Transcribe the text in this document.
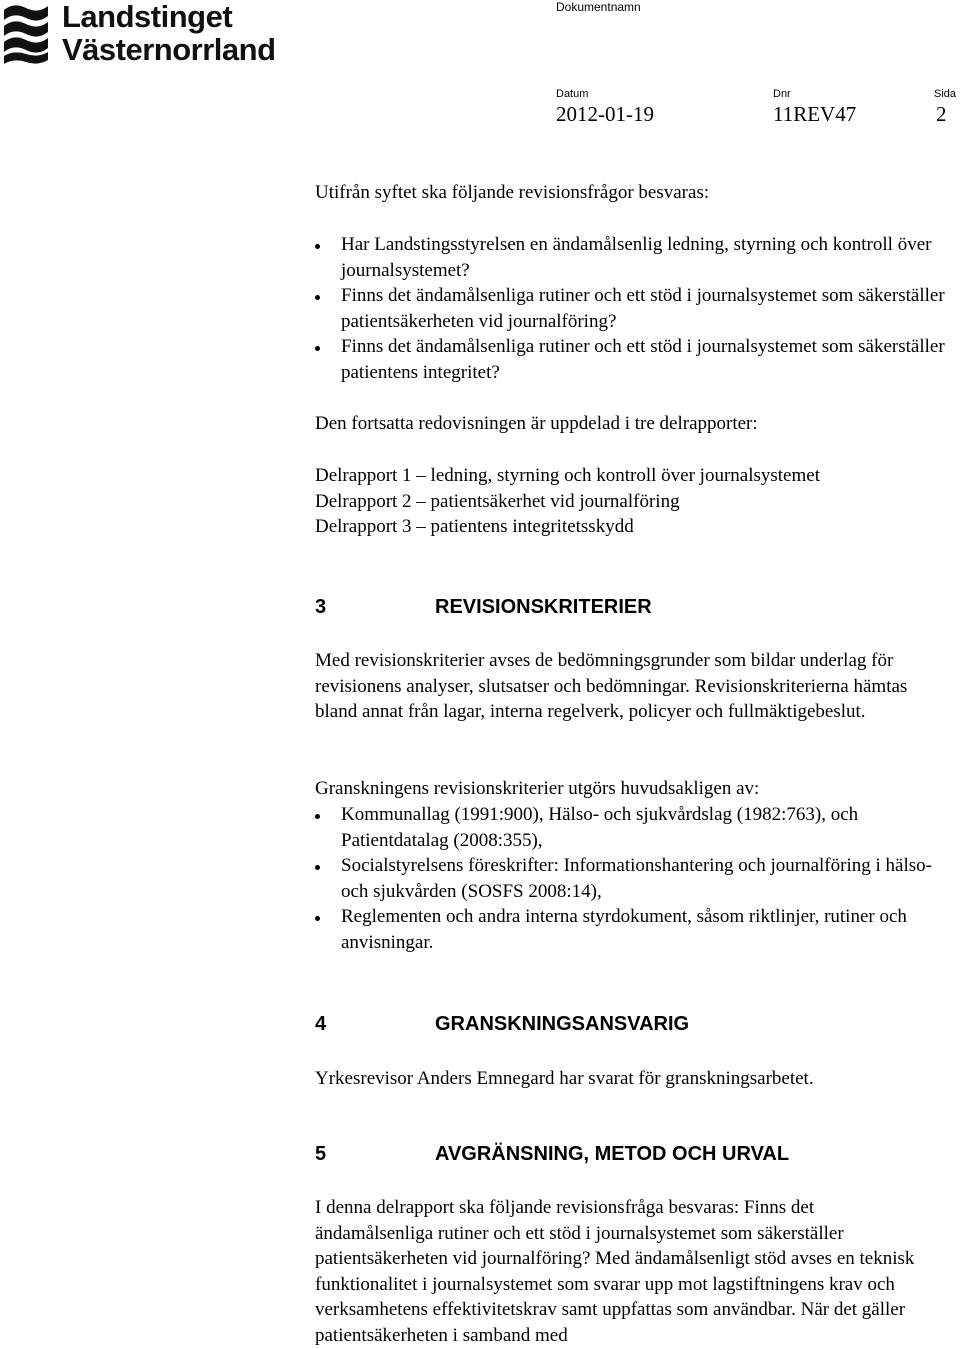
Landstinget
Västernorrland
Dokumentnamn
Datum	Dnr	Sida
2012-01-19	11REV47	2

Utifrån syftet ska följande revisionsfrågor besvaras:

Har Landstingsstyrelsen en ändamålsenlig ledning, styrning och kontroll över journalsystemet?
Finns det ändamålsenliga rutiner och ett stöd i journalsystemet som säkerställer patientsäkerheten vid journalföring?
Finns det ändamålsenliga rutiner och ett stöd i journalsystemet som säkerställer patientens integritet?

Den fortsatta redovisningen är uppdelad i tre delrapporter:

Delrapport 1 – ledning, styrning och kontroll över journalsystemet
Delrapport 2 – patientsäkerhet vid journalföring
Delrapport 3 – patientens integritetsskydd
3	REVISIONSKRITERIER

Med revisionskriterier avses de bedömningsgrunder som bildar underlag för revisionens analyser, slutsatser och bedömningar. Revisionskriterierna hämtas bland annat från lagar, interna regelverk, policyer och fullmäktigebeslut.

Granskningens revisionskriterier utgörs huvudsakligen av:

Kommunallag (1991:900), Hälso- och sjukvårdslag (1982:763), och Patientdatalag (2008:355),
Socialstyrelsens föreskrifter: Informationshantering och journalföring i hälso- och sjukvården (SOSFS 2008:14),
Reglementen och andra interna styrdokument, såsom riktlinjer, rutiner och anvisningar.
4	GRANSKNINGSANSVARIG

Yrkesrevisor Anders Emnegard har svarat för granskningsarbetet.

5	AVGRÄNSNING, METOD OCH URVAL

I denna delrapport ska följande revisionsfråga besvaras: Finns det ändamålsenliga rutiner och ett stöd i journalsystemet som säkerställer patientsäkerheten vid journalföring? Med ändamålsenligt stöd avses en teknisk funktionalitet i journalsystemet som svarar upp mot lagstiftningens krav och verksamhetens effektivitetskrav samt uppfattas som användbar. När det gäller patientsäkerheten i samband med
